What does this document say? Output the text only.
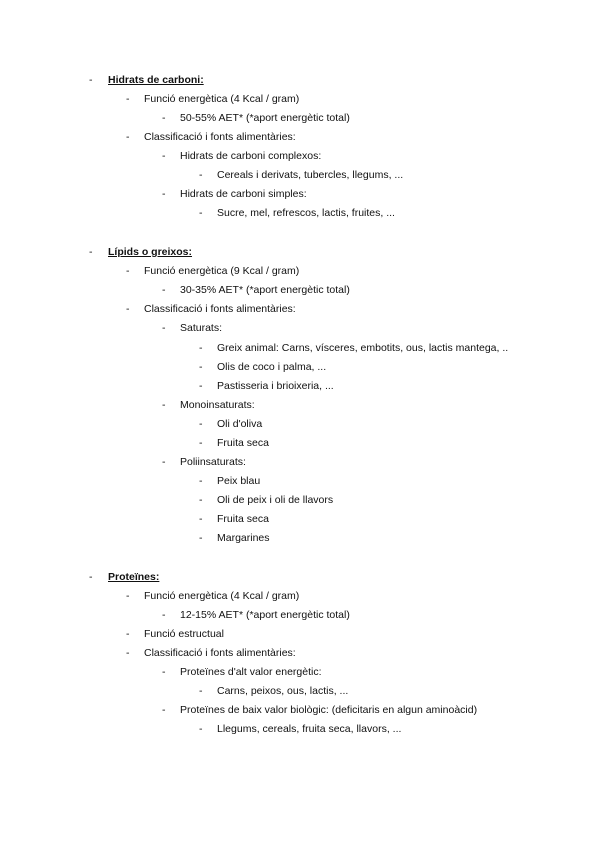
- Hidrats de carboni:
- Funció energètica (4 Kcal / gram)
- 50-55% AET* (*aport energètic total)
- Classificació i fonts alimentàries:
- Hidrats de carboni complexos:
- Cereals i derivats, tubercles, llegums, ...
- Hidrats de carboni simples:
- Sucre, mel, refrescos, lactis, fruites, ...
- Lípids o greixos:
- Funció energètica (9 Kcal / gram)
- 30-35% AET* (*aport energètic total)
- Classificació i fonts alimentàries:
- Saturats:
- Greix animal: Carns, vísceres, embotits, ous, lactis mantega, ..
- Olis de coco i palma, ...
- Pastisseria i brioixeria, ...
- Monoinsaturats:
- Oli d'oliva
- Fruita seca
- Poliinsaturats:
- Peix blau
- Oli de peix i oli de llavors
- Fruita seca
- Margarines
- Proteïnes:
- Funció energètica (4 Kcal / gram)
- 12-15% AET* (*aport energètic total)
- Funció estructual
- Classificació i fonts alimentàries:
- Proteïnes d'alt valor energètic:
- Carns, peixos, ous, lactis, ...
- Proteïnes de baix valor biològic: (deficitaris en algun aminoàcid)
- Llegums, cereals, fruita seca, llavors, ...
